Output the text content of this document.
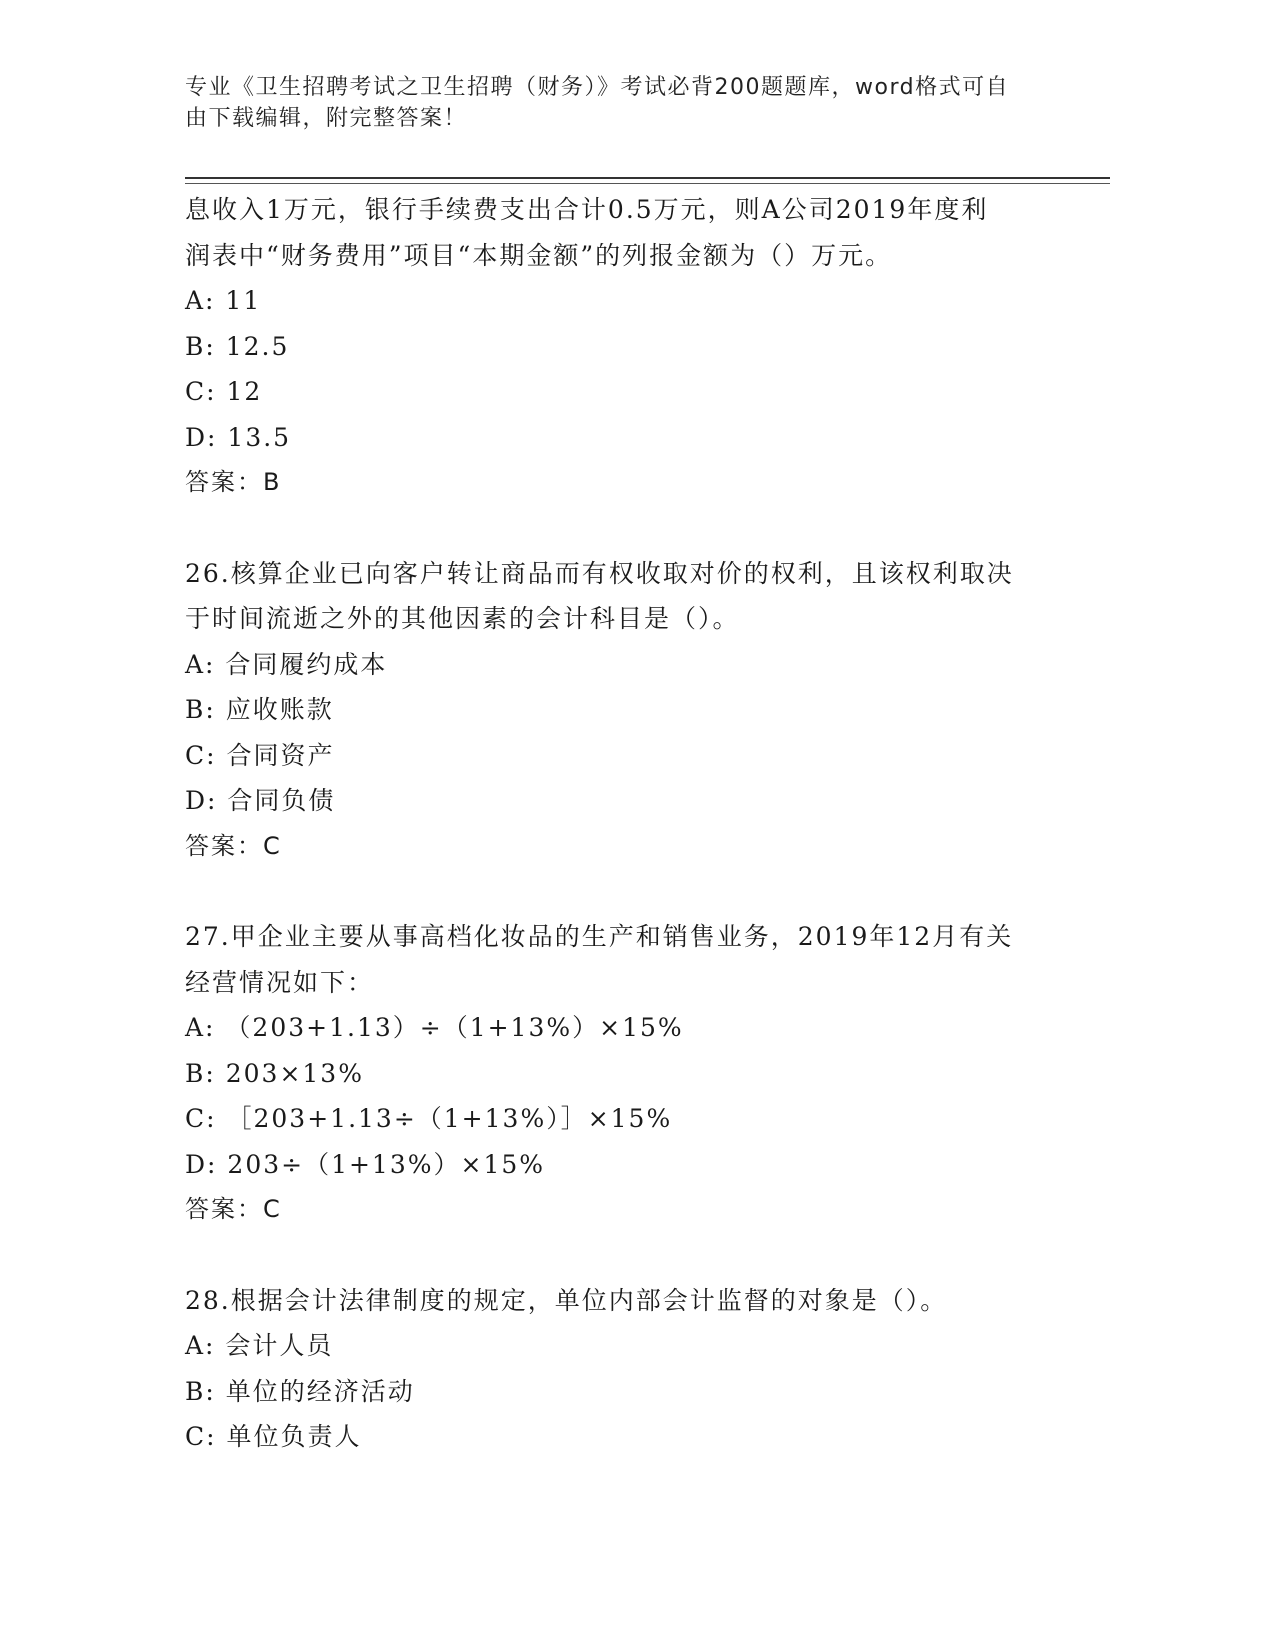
专业《卫生招聘考试之卫生招聘（财务）》考试必背200题题库，word格式可自
由下载编辑，附完整答案！
息收入1万元，银行手续费支出合计0.5万元，则A公司2019年度利
润表中“财务费用”项目“本期金额”的列报金额为（）万元。
A: 11
B: 12.5
C: 12
D: 13.5
答案：B
26.核算企业已向客户转让商品而有权收取对价的权利，且该权利取决
于时间流逝之外的其他因素的会计科目是（）。
A: 合同履约成本
B: 应收账款
C: 合同资产
D: 合同负债
答案：C
27.甲企业主要从事高档化妆品的生产和销售业务，2019年12月有关
经营情况如下：
A: （203+1.13）÷（1+13%）×15%
B: 203×13%
C: ［203+1.13÷（1+13%）］×15%
D: 203÷（1+13%）×15%
答案：C
28.根据会计法律制度的规定，单位内部会计监督的对象是（）。
A: 会计人员
B: 单位的经济活动
C: 单位负责人
